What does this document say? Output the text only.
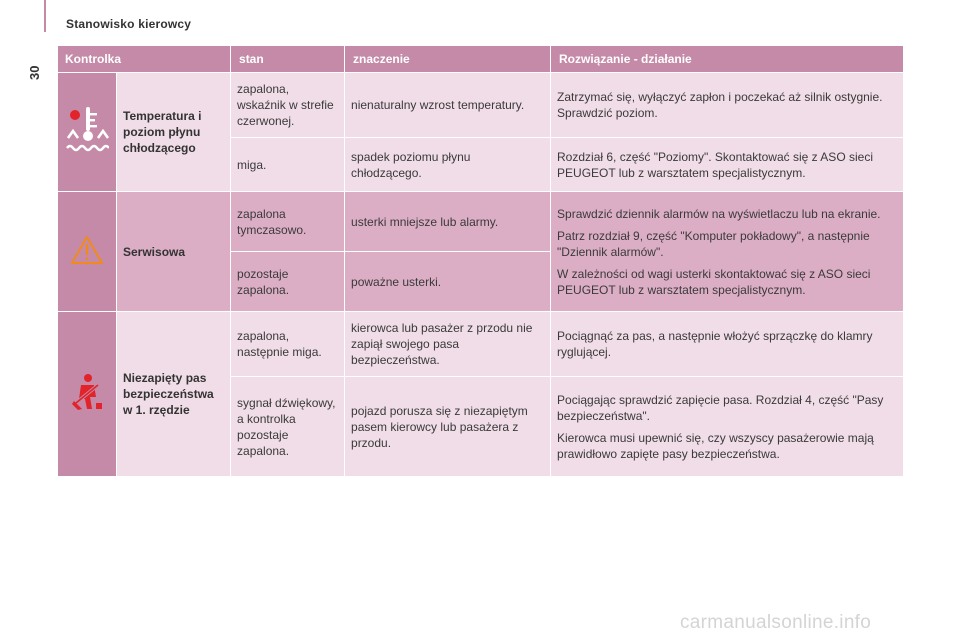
Stanowisko kierowcy
30
Kontrolka		stan	znaczenie	Rozwiązanie - działanie
	Temperatura i poziom płynu chłodzącego	zapalona, wskaźnik w strefie czerwonej.	nienaturalny wzrost temperatury.	Zatrzymać się, wyłączyć zapłon i poczekać aż silnik ostygnie. Sprawdzić poziom.

		miga.	spadek poziomu płynu chłodzącego.	Rozdział 6, część "Poziomy". Skontaktować się z ASO sieci PEUGEOT lub z warsztatem specjalistycznym.

	Serwisowa	zapalona tymczasowo.	usterki mniejsze lub alarmy.	Sprawdzić dziennik alarmów na wyświetlaczu lub na ekranie.

Patrz rozdział 9, część "Komputer pokładowy", a następnie "Dziennik alarmów".

W zależności od wagi usterki skontaktować się z ASO sieci PEUGEOT lub z warsztatem specjalistycznym.

		pozostaje zapalona.	poważne usterki.	
	Niezapięty pas bezpieczeństwa w 1. rzędzie	zapalona, następnie miga.	kierowca lub pasażer z przodu nie zapiął swojego pasa bezpieczeństwa.	Pociągnąć za pas, a następnie włożyć sprzączkę do klamry ryglującej.

		sygnał dźwiękowy, a kontrolka pozostaje zapalona.	pojazd porusza się z niezapiętym pasem kierowcy lub pasażera z przodu.	Pociągając sprawdzić zapięcie pasa. Rozdział 4, część "Pasy bezpieczeństwa".

Kierowca musi upewnić się, czy wszyscy pasażerowie mają prawidłowo zapięte pasy bezpieczeństwa.

carmanualsonline.info
